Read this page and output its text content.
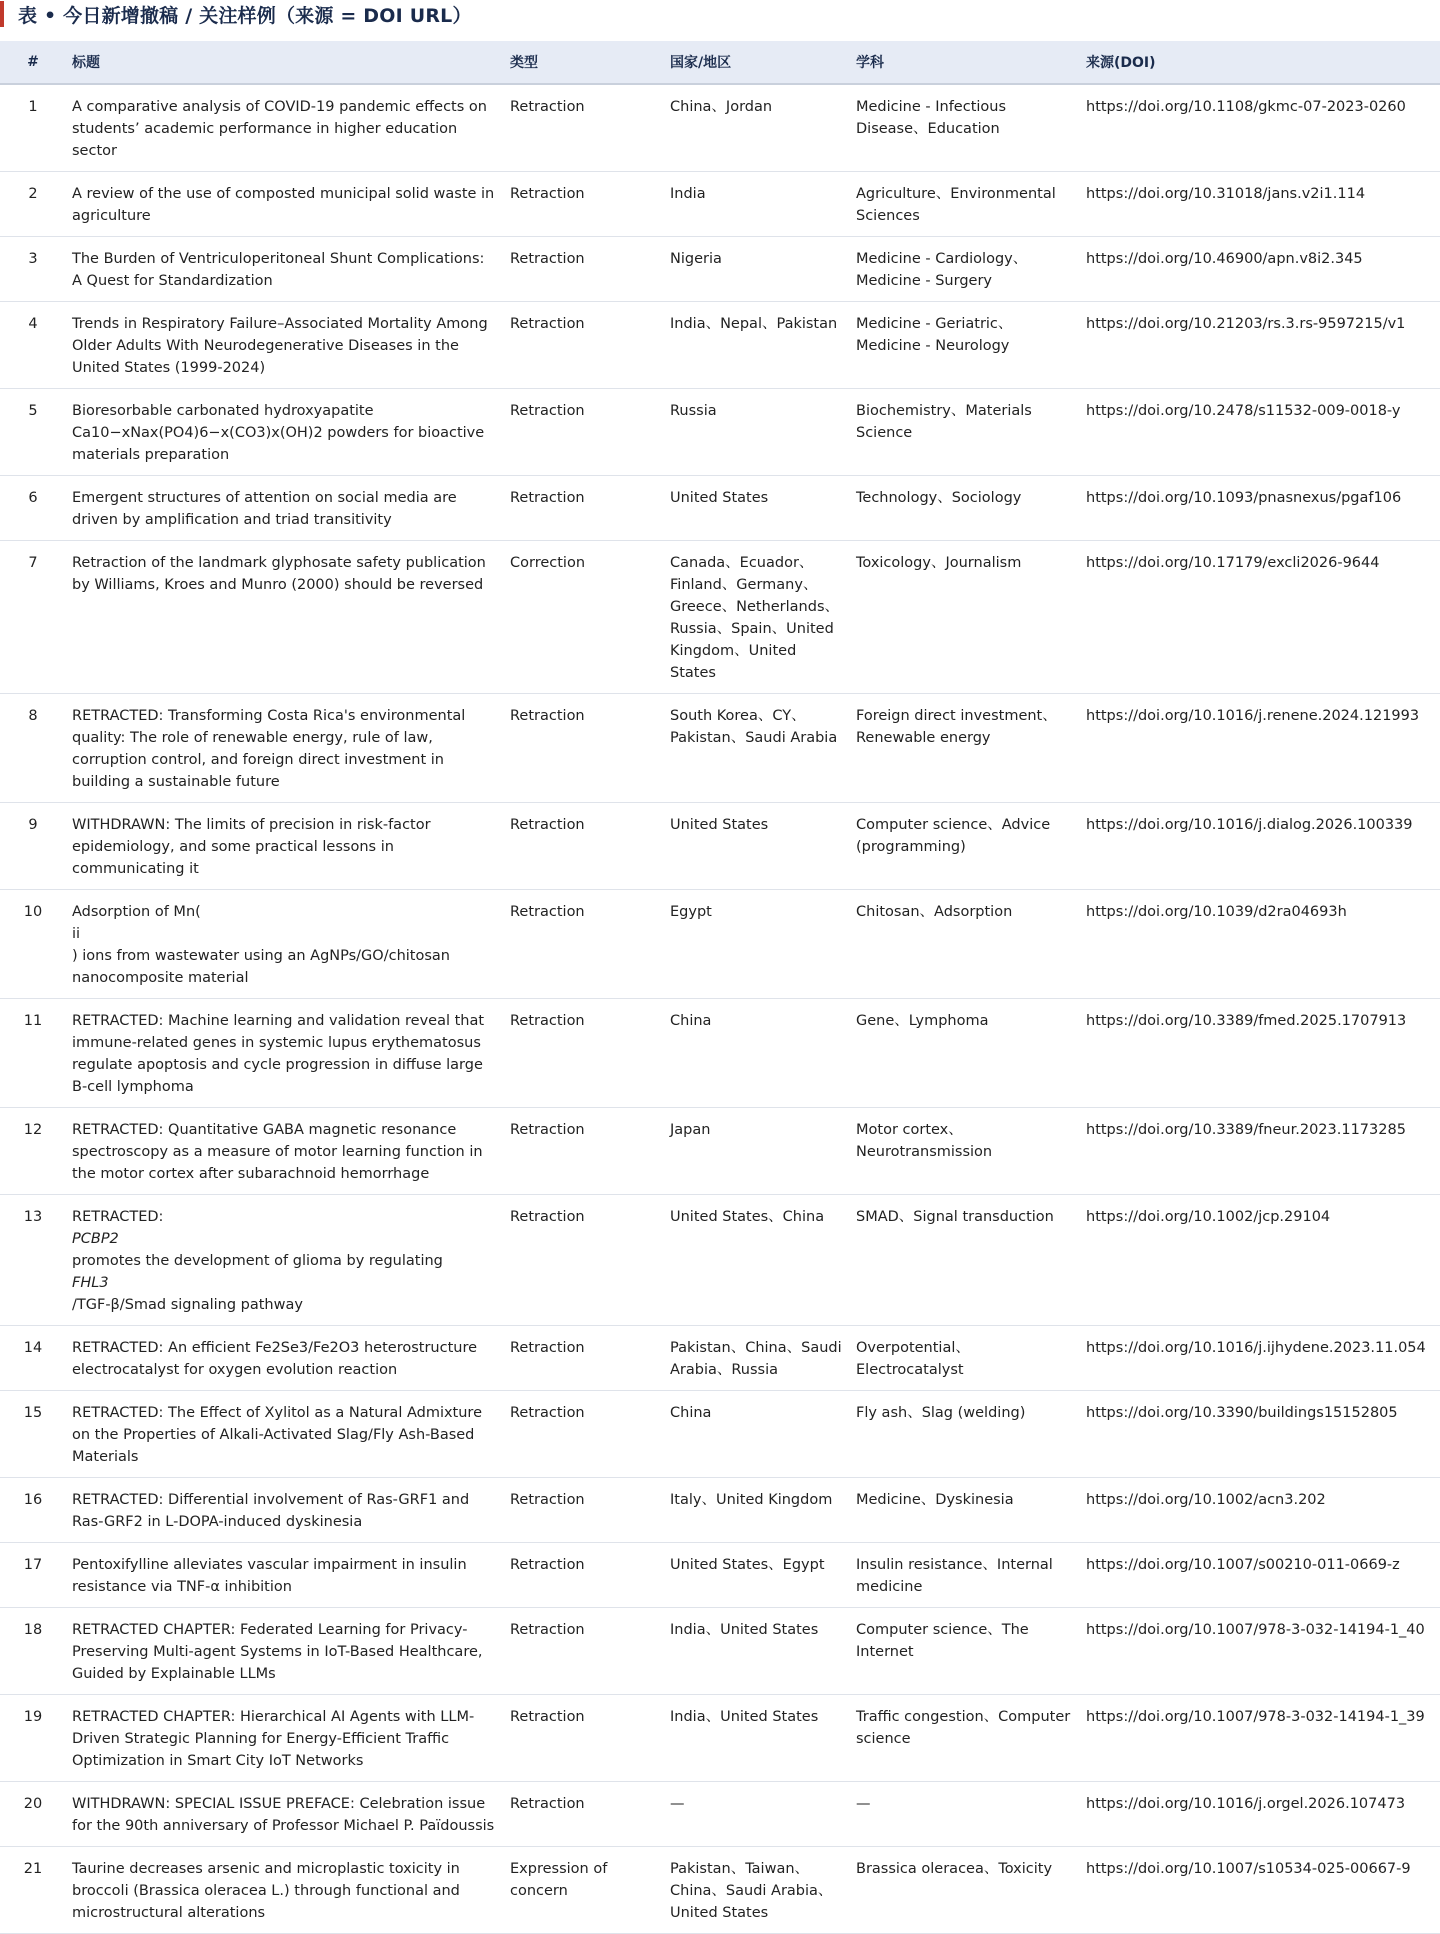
表 • 今日新增撤稿 / 关注样例（来源 = DOI URL）
#	标题	类型	国家/地区	学科	来源(DOI)
1	A comparative analysis of COVID-19 pandemic effects on students’ academic performance in higher education sector	Retraction	China、Jordan	Medicine - Infectious Disease、Education	https://doi.org/10.1108/gkmc-07-2023-0260
2	A review of the use of composted municipal solid waste in agriculture	Retraction	India	Agriculture、Environmental Sciences	https://doi.org/10.31018/jans.v2i1.114
3	The Burden of Ventriculoperitoneal Shunt Complications: A Quest for Standardization	Retraction	Nigeria	Medicine - Cardiology、Medicine - Surgery	https://doi.org/10.46900/apn.v8i2.345
4	Trends in Respiratory Failure–Associated Mortality Among Older Adults With Neurodegenerative Diseases in the United States (1999-2024)	Retraction	India、Nepal、Pakistan	Medicine - Geriatric、Medicine - Neurology	https://doi.org/10.21203/rs.3.rs-9597215/v1
5	Bioresorbable carbonated hydroxyapatite Ca10−xNax(PO4)6−x(CO3)x(OH)2 powders for bioactive materials preparation	Retraction	Russia	Biochemistry、Materials Science	https://doi.org/10.2478/s11532-009-0018-y
6	Emergent structures of attention on social media are driven by amplification and triad transitivity	Retraction	United States	Technology、Sociology	https://doi.org/10.1093/pnasnexus/pgaf106
7	Retraction of the landmark glyphosate safety publication by Williams, Kroes and Munro (2000) should be reversed	Correction	Canada、Ecuador、Finland、Germany、Greece、Netherlands、Russia、Spain、United Kingdom、United States	Toxicology、Journalism	https://doi.org/10.17179/excli2026-9644
8	RETRACTED: Transforming Costa Rica's environmental quality: The role of renewable energy, rule of law, corruption control, and foreign direct investment in building a sustainable future	Retraction	South Korea、CY、Pakistan、Saudi Arabia	Foreign direct investment、Renewable energy	https://doi.org/10.1016/j.renene.2024.121993
9	WITHDRAWN: The limits of precision in risk-factor epidemiology, and some practical lessons in communicating it	Retraction	United States	Computer science、Advice (programming)	https://doi.org/10.1016/j.dialog.2026.100339
10	Adsorption of Mn(
ii
) ions from wastewater using an AgNPs/GO/chitosan nanocomposite material	Retraction	Egypt	Chitosan、Adsorption	https://doi.org/10.1039/d2ra04693h
11	RETRACTED: Machine learning and validation reveal that immune-related genes in systemic lupus erythematosus regulate apoptosis and cycle progression in diffuse large B-cell lymphoma	Retraction	China	Gene、Lymphoma	https://doi.org/10.3389/fmed.2025.1707913
12	RETRACTED: Quantitative GABA magnetic resonance spectroscopy as a measure of motor learning function in the motor cortex after subarachnoid hemorrhage	Retraction	Japan	Motor cortex、Neurotransmission	https://doi.org/10.3389/fneur.2023.1173285
13	RETRACTED:
PCBP2
promotes the development of glioma by regulating
FHL3
/TGF-β/Smad signaling pathway	Retraction	United States、China	SMAD、Signal transduction	https://doi.org/10.1002/jcp.29104
14	RETRACTED: An efficient Fe2Se3/Fe2O3 heterostructure electrocatalyst for oxygen evolution reaction	Retraction	Pakistan、China、Saudi Arabia、Russia	Overpotential、Electrocatalyst	https://doi.org/10.1016/j.ijhydene.2023.11.054
15	RETRACTED: The Effect of Xylitol as a Natural Admixture on the Properties of Alkali-Activated Slag/Fly Ash-Based Materials	Retraction	China	Fly ash、Slag (welding)	https://doi.org/10.3390/buildings15152805
16	RETRACTED: Differential involvement of Ras-GRF1 and Ras-GRF2 in L-DOPA-induced dyskinesia	Retraction	Italy、United Kingdom	Medicine、Dyskinesia	https://doi.org/10.1002/acn3.202
17	Pentoxifylline alleviates vascular impairment in insulin resistance via TNF-α inhibition	Retraction	United States、Egypt	Insulin resistance、Internal medicine	https://doi.org/10.1007/s00210-011-0669-z
18	RETRACTED CHAPTER: Federated Learning for Privacy-Preserving Multi-agent Systems in IoT-Based Healthcare, Guided by Explainable LLMs	Retraction	India、United States	Computer science、The Internet	https://doi.org/10.1007/978-3-032-14194-1_40
19	RETRACTED CHAPTER: Hierarchical AI Agents with LLM-Driven Strategic Planning for Energy-Efficient Traffic Optimization in Smart City IoT Networks	Retraction	India、United States	Traffic congestion、Computer science	https://doi.org/10.1007/978-3-032-14194-1_39
20	WITHDRAWN: SPECIAL ISSUE PREFACE: Celebration issue for the 90th anniversary of Professor Michael P. Païdoussis	Retraction	—	—	https://doi.org/10.1016/j.orgel.2026.107473
21	Taurine decreases arsenic and microplastic toxicity in broccoli (Brassica oleracea L.) through functional and microstructural alterations	Expression of concern	Pakistan、Taiwan、China、Saudi Arabia、United States	Brassica oleracea、Toxicity	https://doi.org/10.1007/s10534-025-00667-9
